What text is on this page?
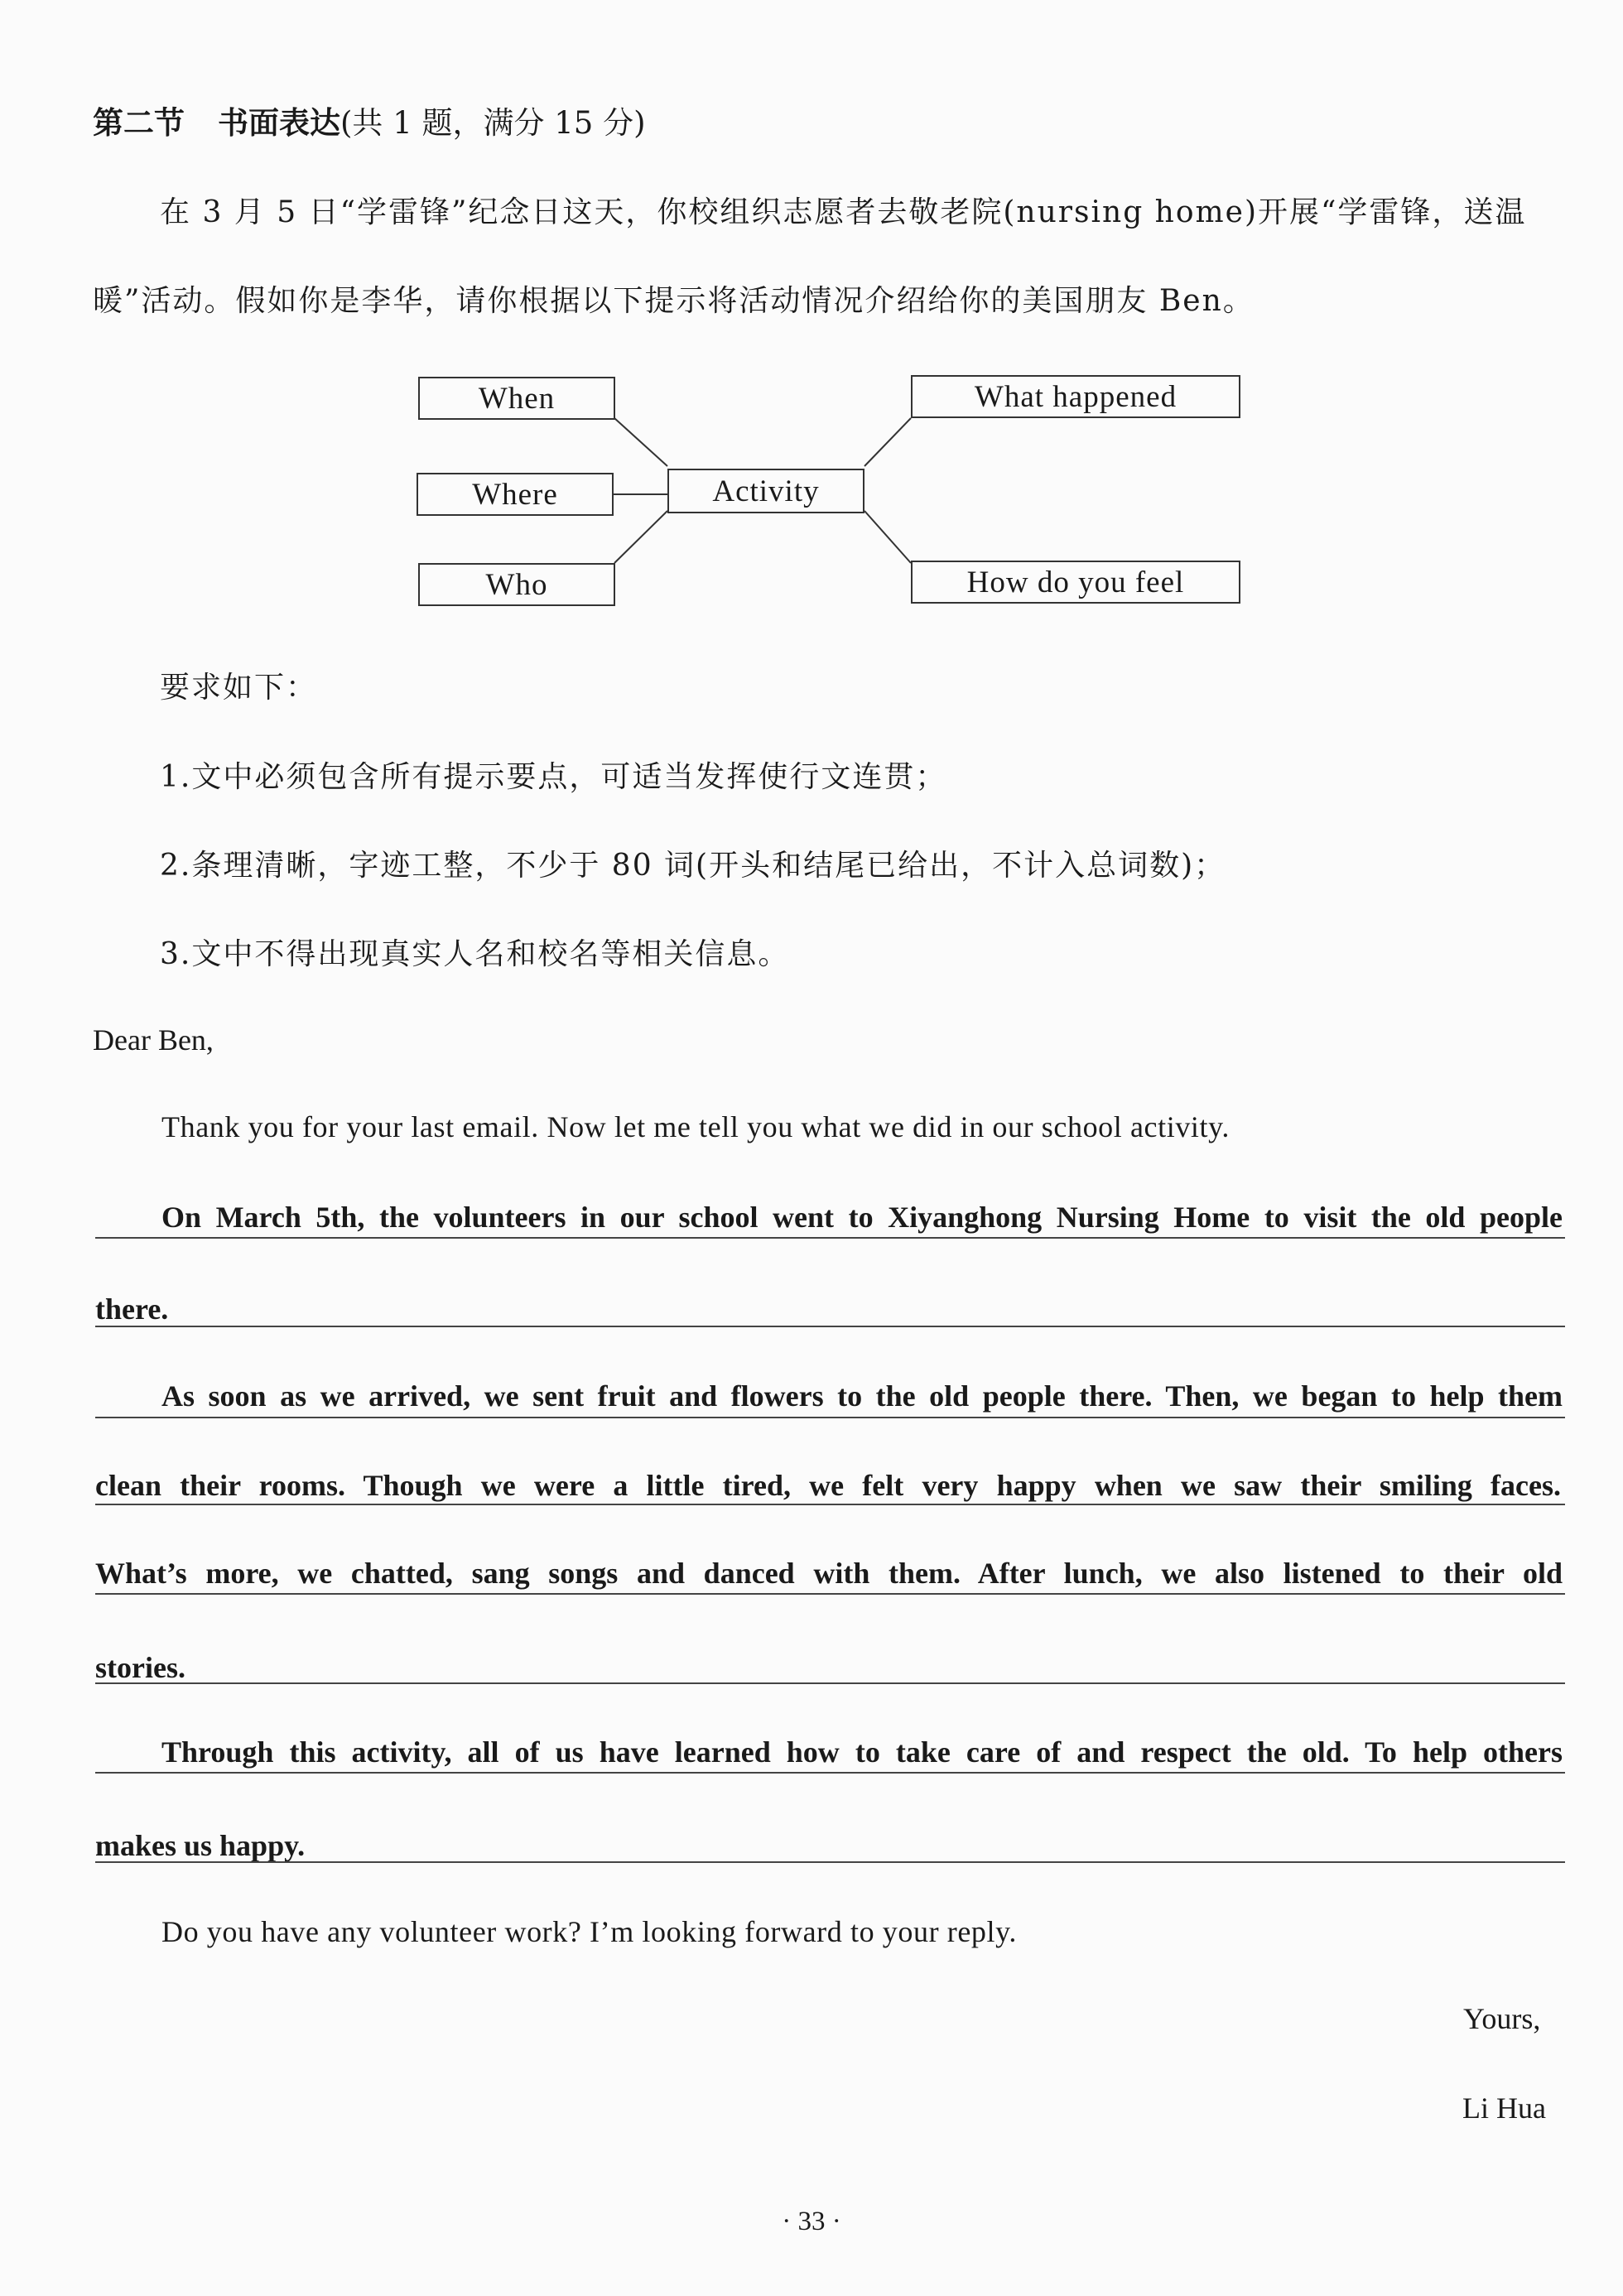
第二节 书面表达(共 1 题，满分 15 分)
在 3 月 5 日“学雷锋”纪念日这天，你校组织志愿者去敬老院(nursing home)开展“学雷锋，送温
暖”活动。假如你是李华，请你根据以下提示将活动情况介绍给你的美国朋友 Ben。
When
Where
Who
Activity
What happened
How do you feel
要求如下：
1.文中必须包含所有提示要点，可适当发挥使行文连贯；
2.条理清晰，字迹工整，不少于 80 词(开头和结尾已给出，不计入总词数)；
3.文中不得出现真实人名和校名等相关信息。
Dear Ben,
Thank you for your last email. Now let me tell you what we did in our school activity.
On March 5th, the volunteers in our school went to Xiyanghong Nursing Home to visit the old people
there.
As soon as we arrived, we sent fruit and flowers to the old people there. Then, we began to help them
clean their rooms. Though we were a little tired, we felt very happy when we saw their smiling faces.
What’s more, we chatted, sang songs and danced with them. After lunch, we also listened to their old
stories.
Through this activity, all of us have learned how to take care of and respect the old. To help others
makes us happy.
Do you have any volunteer work? I’m looking forward to your reply.
Yours,
Li Hua
· 33 ·
